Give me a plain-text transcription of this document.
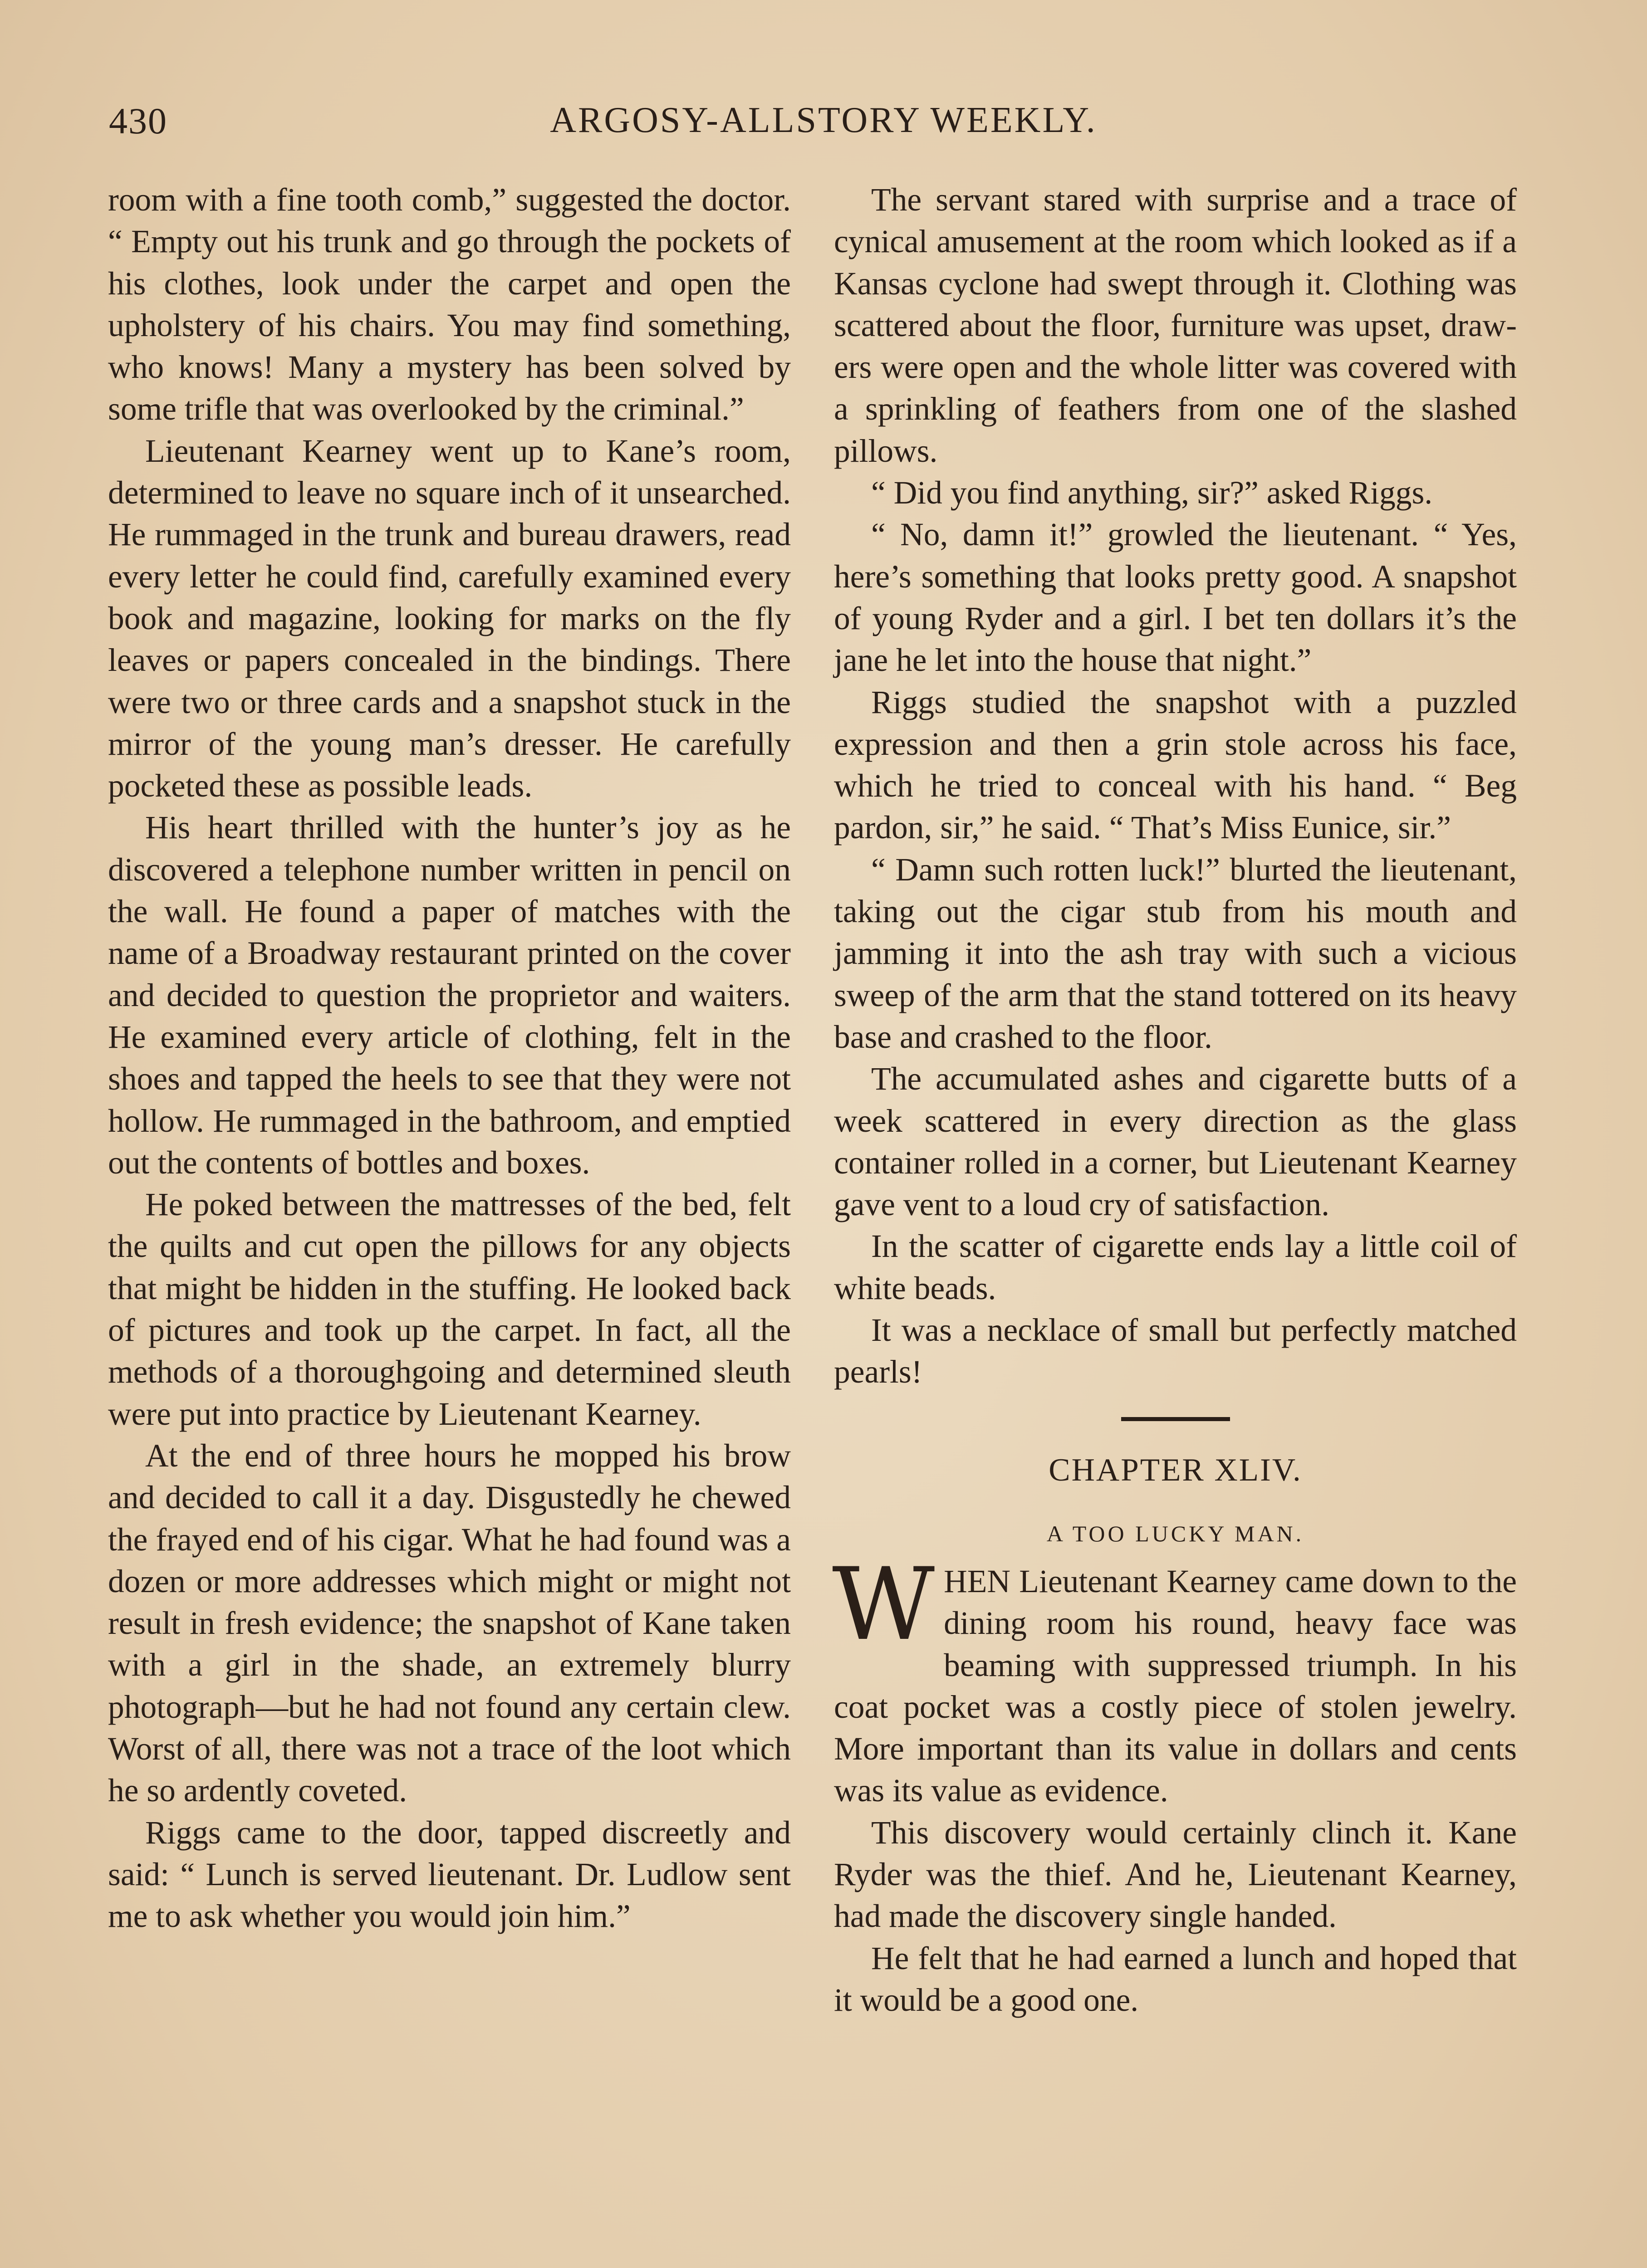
430	ARGOSY-ALLSTORY WEEKLY.

room with a fine tooth comb,” suggested the doctor. “ Empty out his trunk and go through the pockets of his clothes, look under the carpet and open the upholstery of his chairs. You may find something, who knows! Many a mystery has been solved by some trifle that was overlooked by the criminal.”

Lieutenant Kearney went up to Kane’s room, determined to leave no square inch of it unsearched. He rummaged in the trunk and bureau drawers, read every letter he could find, carefully examined every book and magazine, looking for marks on the fly leaves or papers concealed in the bindings. There were two or three cards and a snapshot stuck in the mirror of the young man’s dresser. He carefully pocketed these as possible leads.

His heart thrilled with the hunter’s joy as he discovered a telephone number written in pencil on the wall. He found a paper of matches with the name of a Broadway restaurant printed on the cover and decided to question the proprietor and waiters. He examined every article of clothing, felt in the shoes and tapped the heels to see that they were not hollow. He rummaged in the bathroom, and emptied out the contents of bottles and boxes.

He poked between the mattresses of the bed, felt the quilts and cut open the pillows for any objects that might be hidden in the stuffing. He looked back of pictures and took up the carpet. In fact, all the methods of a thoroughgoing and determined sleuth were put into practice by Lieutenant Kearney.

At the end of three hours he mopped his brow and decided to call it a day. Disgustedly he chewed the frayed end of his cigar. What he had found was a dozen or more addresses which might or might not result in fresh evidence; the snapshot of Kane taken with a girl in the shade, an extremely blurry photograph—but he had not found any certain clew. Worst of all, there was not a trace of the loot which he so ardently coveted.

Riggs came to the door, tapped discreetly and said: “ Lunch is served lieutenant. Dr. Ludlow sent me to ask whether you would join him.”

The servant stared with surprise and a trace of cynical amusement at the room which looked as if a Kansas cyclone had swept through it. Clothing was scattered about the floor, furniture was upset, drawers were open and the whole litter was covered with a sprinkling of feathers from one of the slashed pillows.

“ Did you find anything, sir?” asked Riggs.

“ No, damn it!” growled the lieutenant. “ Yes, here’s something that looks pretty good. A snapshot of young Ryder and a girl. I bet ten dollars it’s the jane he let into the house that night.”

Riggs studied the snapshot with a puzzled expression and then a grin stole across his face, which he tried to conceal with his hand. “ Beg pardon, sir,” he said. “ That’s Miss Eunice, sir.”

“ Damn such rotten luck!” blurted the lieutenant, taking out the cigar stub from his mouth and jamming it into the ash tray with such a vicious sweep of the arm that the stand tottered on its heavy base and crashed to the floor.

The accumulated ashes and cigarette butts of a week scattered in every direction as the glass container rolled in a corner, but Lieutenant Kearney gave vent to a loud cry of satisfaction.

In the scatter of cigarette ends lay a little coil of white beads.

It was a necklace of small but perfectly matched pearls!

CHAPTER XLIV.
A TOO LUCKY MAN.

WHEN Lieutenant Kearney came down to the dining room his round, heavy face was beaming with suppressed triumph. In his coat pocket was a costly piece of stolen jewelry. More important than its value in dollars and cents was its value as evidence.

This discovery would certainly clinch it. Kane Ryder was the thief. And he, Lieutenant Kearney, had made the discovery single handed.

He felt that he had earned a lunch and hoped that it would be a good one.
